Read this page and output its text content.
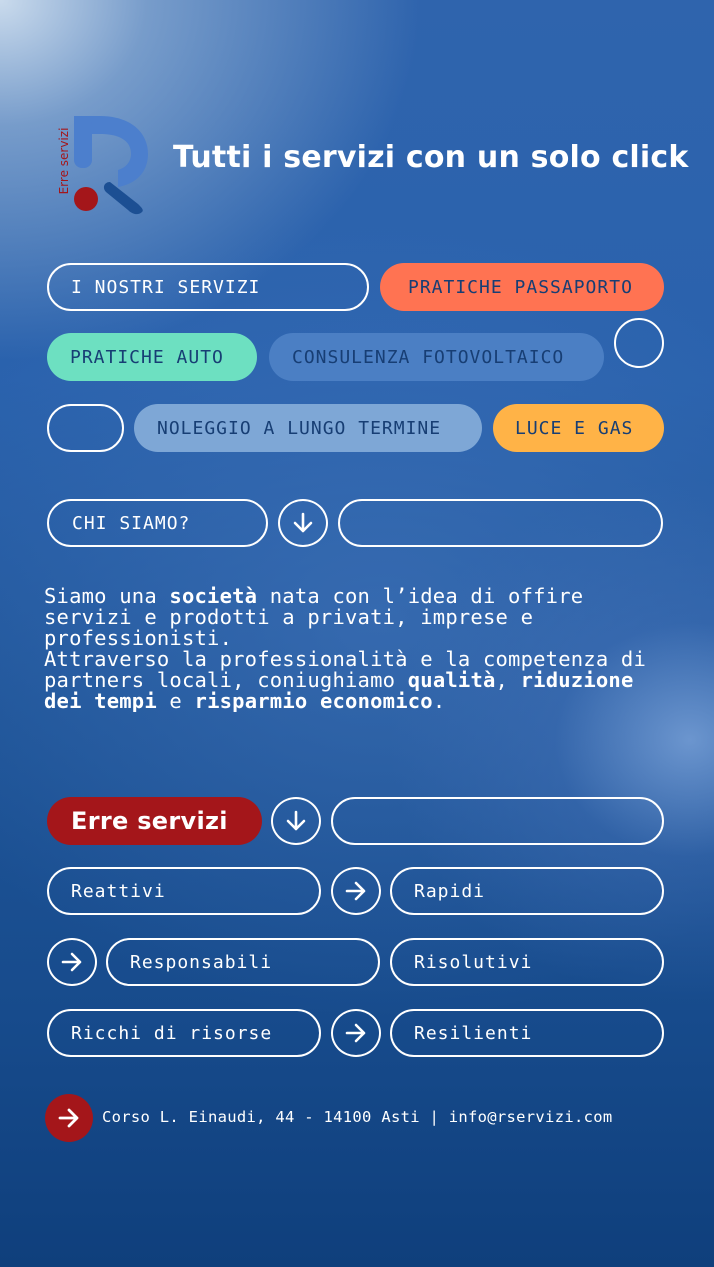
Erre servizi	Tutti i servizi con un solo click
I NOSTRI SERVIZI	PRATICHE PASSAPORTO
PRATICHE AUTO	CONSULENZA FOTOVOLTAICO
NOLEGGIO A LUNGO TERMINE	LUCE E GAS
CHI SIAMO?
Siamo una società nata con l’idea di offire servizi e prodotti a privati, imprese e professionisti.
Attraverso la professionalità e la competenza di partners locali, coniughiamo qualità, riduzione dei tempi e risparmio economico.
Erre servizi
Reattivi	Rapidi
Responsabili	Risolutivi
Ricchi di risorse	Resilienti
Corso L. Einaudi, 44 - 14100 Asti | info@rservizi.com
